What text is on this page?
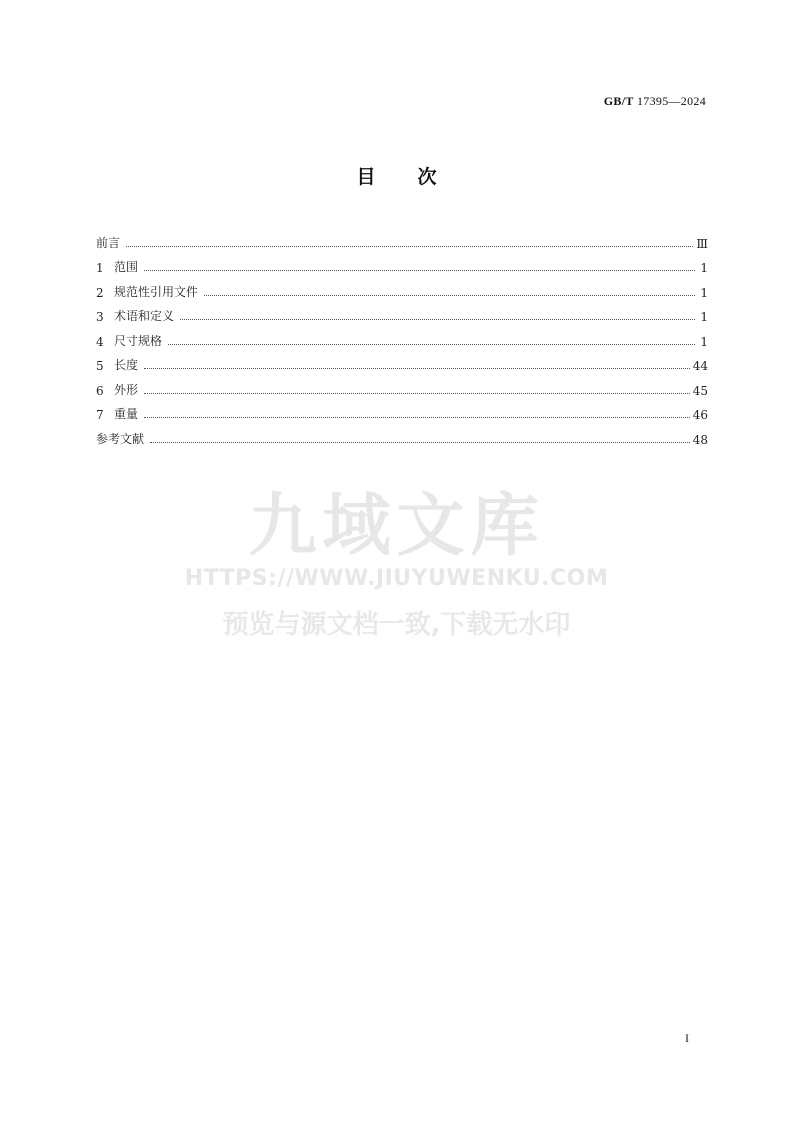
GB/T 17395—2024
目 次
前言	Ⅲ
1 范围	1
2 规范性引用文件	1
3 术语和定义	1
4 尺寸规格	1
5 长度	44
6 外形	45
7 重量	46
参考文献	48
九域文库
HTTPS://WWW.JIUYUWENKU.COM
预览与源文档一致,下载无水印
I
